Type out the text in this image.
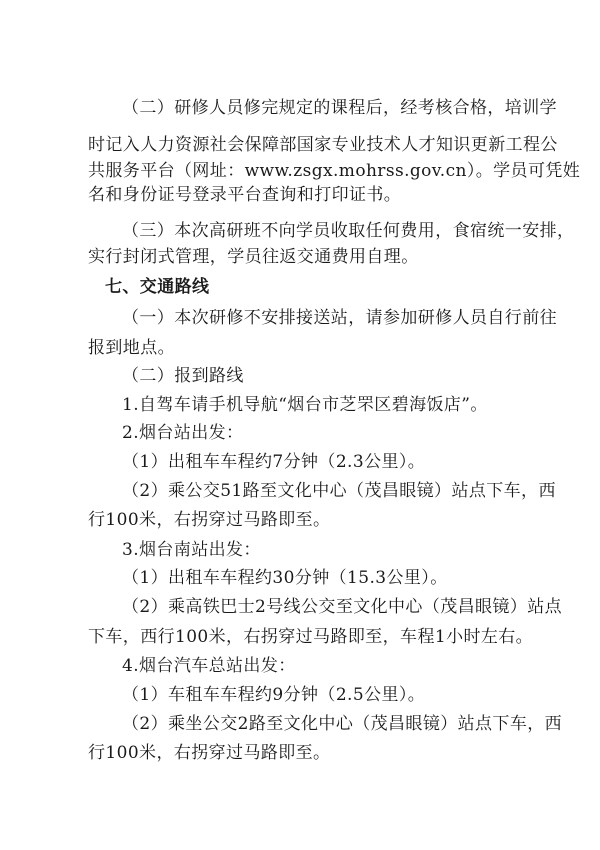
（二）研修人员修完规定的课程后，经考核合格，培训学
时记入人力资源社会保障部国家专业技术人才知识更新工程公
共服务平台（网址：www.zsgx.mohrss.gov.cn）。学员可凭姓
名和身份证号登录平台查询和打印证书。
（三）本次高研班不向学员收取任何费用，食宿统一安排，
实行封闭式管理，学员往返交通费用自理。
七、交通路线
（一）本次研修不安排接送站，请参加研修人员自行前往
报到地点。
（二）报到路线
1.自驾车请手机导航“烟台市芝罘区碧海饭店”。
2.烟台站出发：
（1）出租车车程约7分钟（2.3公里）。
（2）乘公交51路至文化中心（茂昌眼镜）站点下车，西
行100米，右拐穿过马路即至。
3.烟台南站出发：
（1）出租车车程约30分钟（15.3公里）。
（2）乘高铁巴士2号线公交至文化中心（茂昌眼镜）站点
下车，西行100米，右拐穿过马路即至，车程1小时左右。
4.烟台汽车总站出发：
（1）车租车车程约9分钟（2.5公里）。
（2）乘坐公交2路至文化中心（茂昌眼镜）站点下车，西
行100米，右拐穿过马路即至。
